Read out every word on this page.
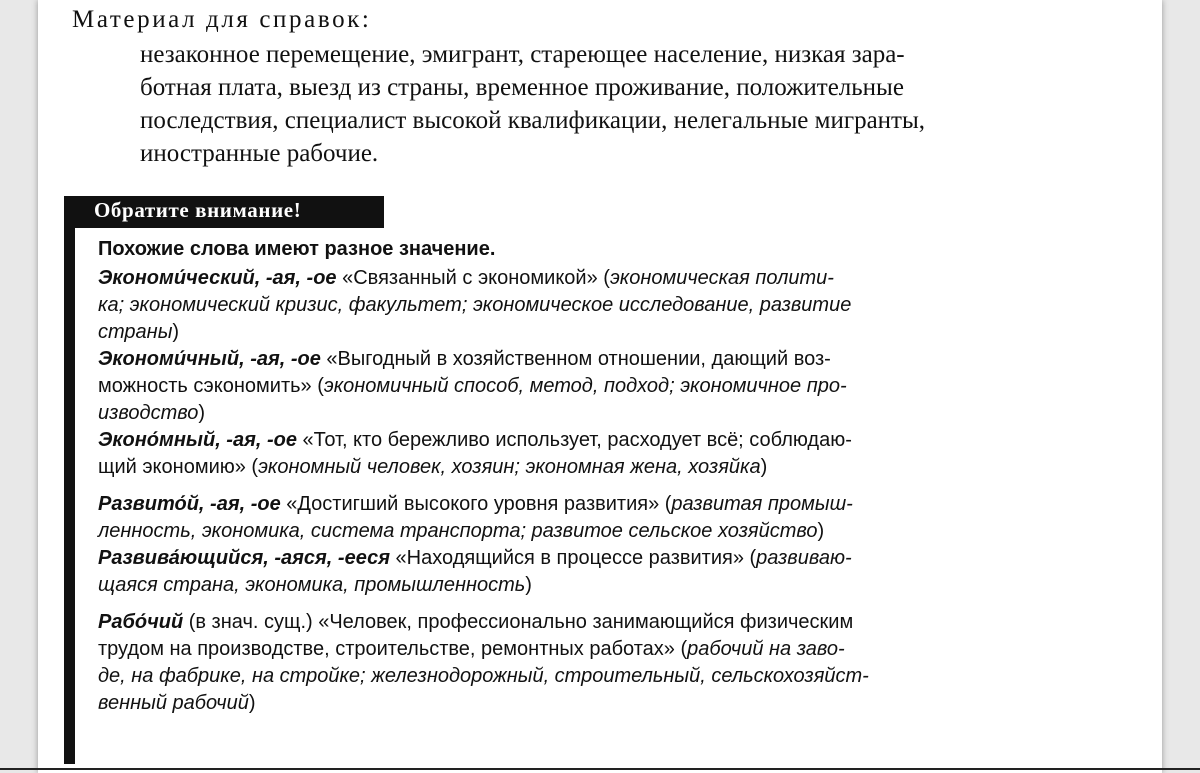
Материал для справок:
незаконное перемещение, эмигрант, стареющее население, низкая зара-
ботная плата, выезд из страны, временное проживание, положительные
последствия, специалист высокой квалификации, нелегальные мигранты,
иностранные рабочие.
Обратите внимание!
Похожие слова имеют разное значение.
Экономи́ческий, -ая, -ое «Связанный с экономикой» (экономическая полити-
ка; экономический кризис, факультет; экономическое исследование, развитие
страны)
Экономи́чный, -ая, -ое «Выгодный в хозяйственном отношении, дающий воз-
можность сэкономить» (экономичный способ, метод, подход; экономичное про-
изводство)
Эконо́мный, -ая, -ое «Тот, кто бережливо использует, расходует всё; соблюдаю-
щий экономию» (экономный человек, хозяин; экономная жена, хозяйка)
Развито́й, -ая, -ое «Достигший высокого уровня развития» (развитая промыш-
ленность, экономика, система транспорта; развитое сельское хозяйство)
Развива́ющийся, -аяся, -ееся «Находящийся в процессе развития» (развиваю-
щаяся страна, экономика, промышленность)
Рабо́чий (в знач. сущ.) «Человек, профессионально занимающийся физическим
трудом на производстве, строительстве, ремонтных работах» (рабочий на заво-
де, на фабрике, на стройке; железнодорожный, строительный, сельскохозяйст-
венный рабочий)
